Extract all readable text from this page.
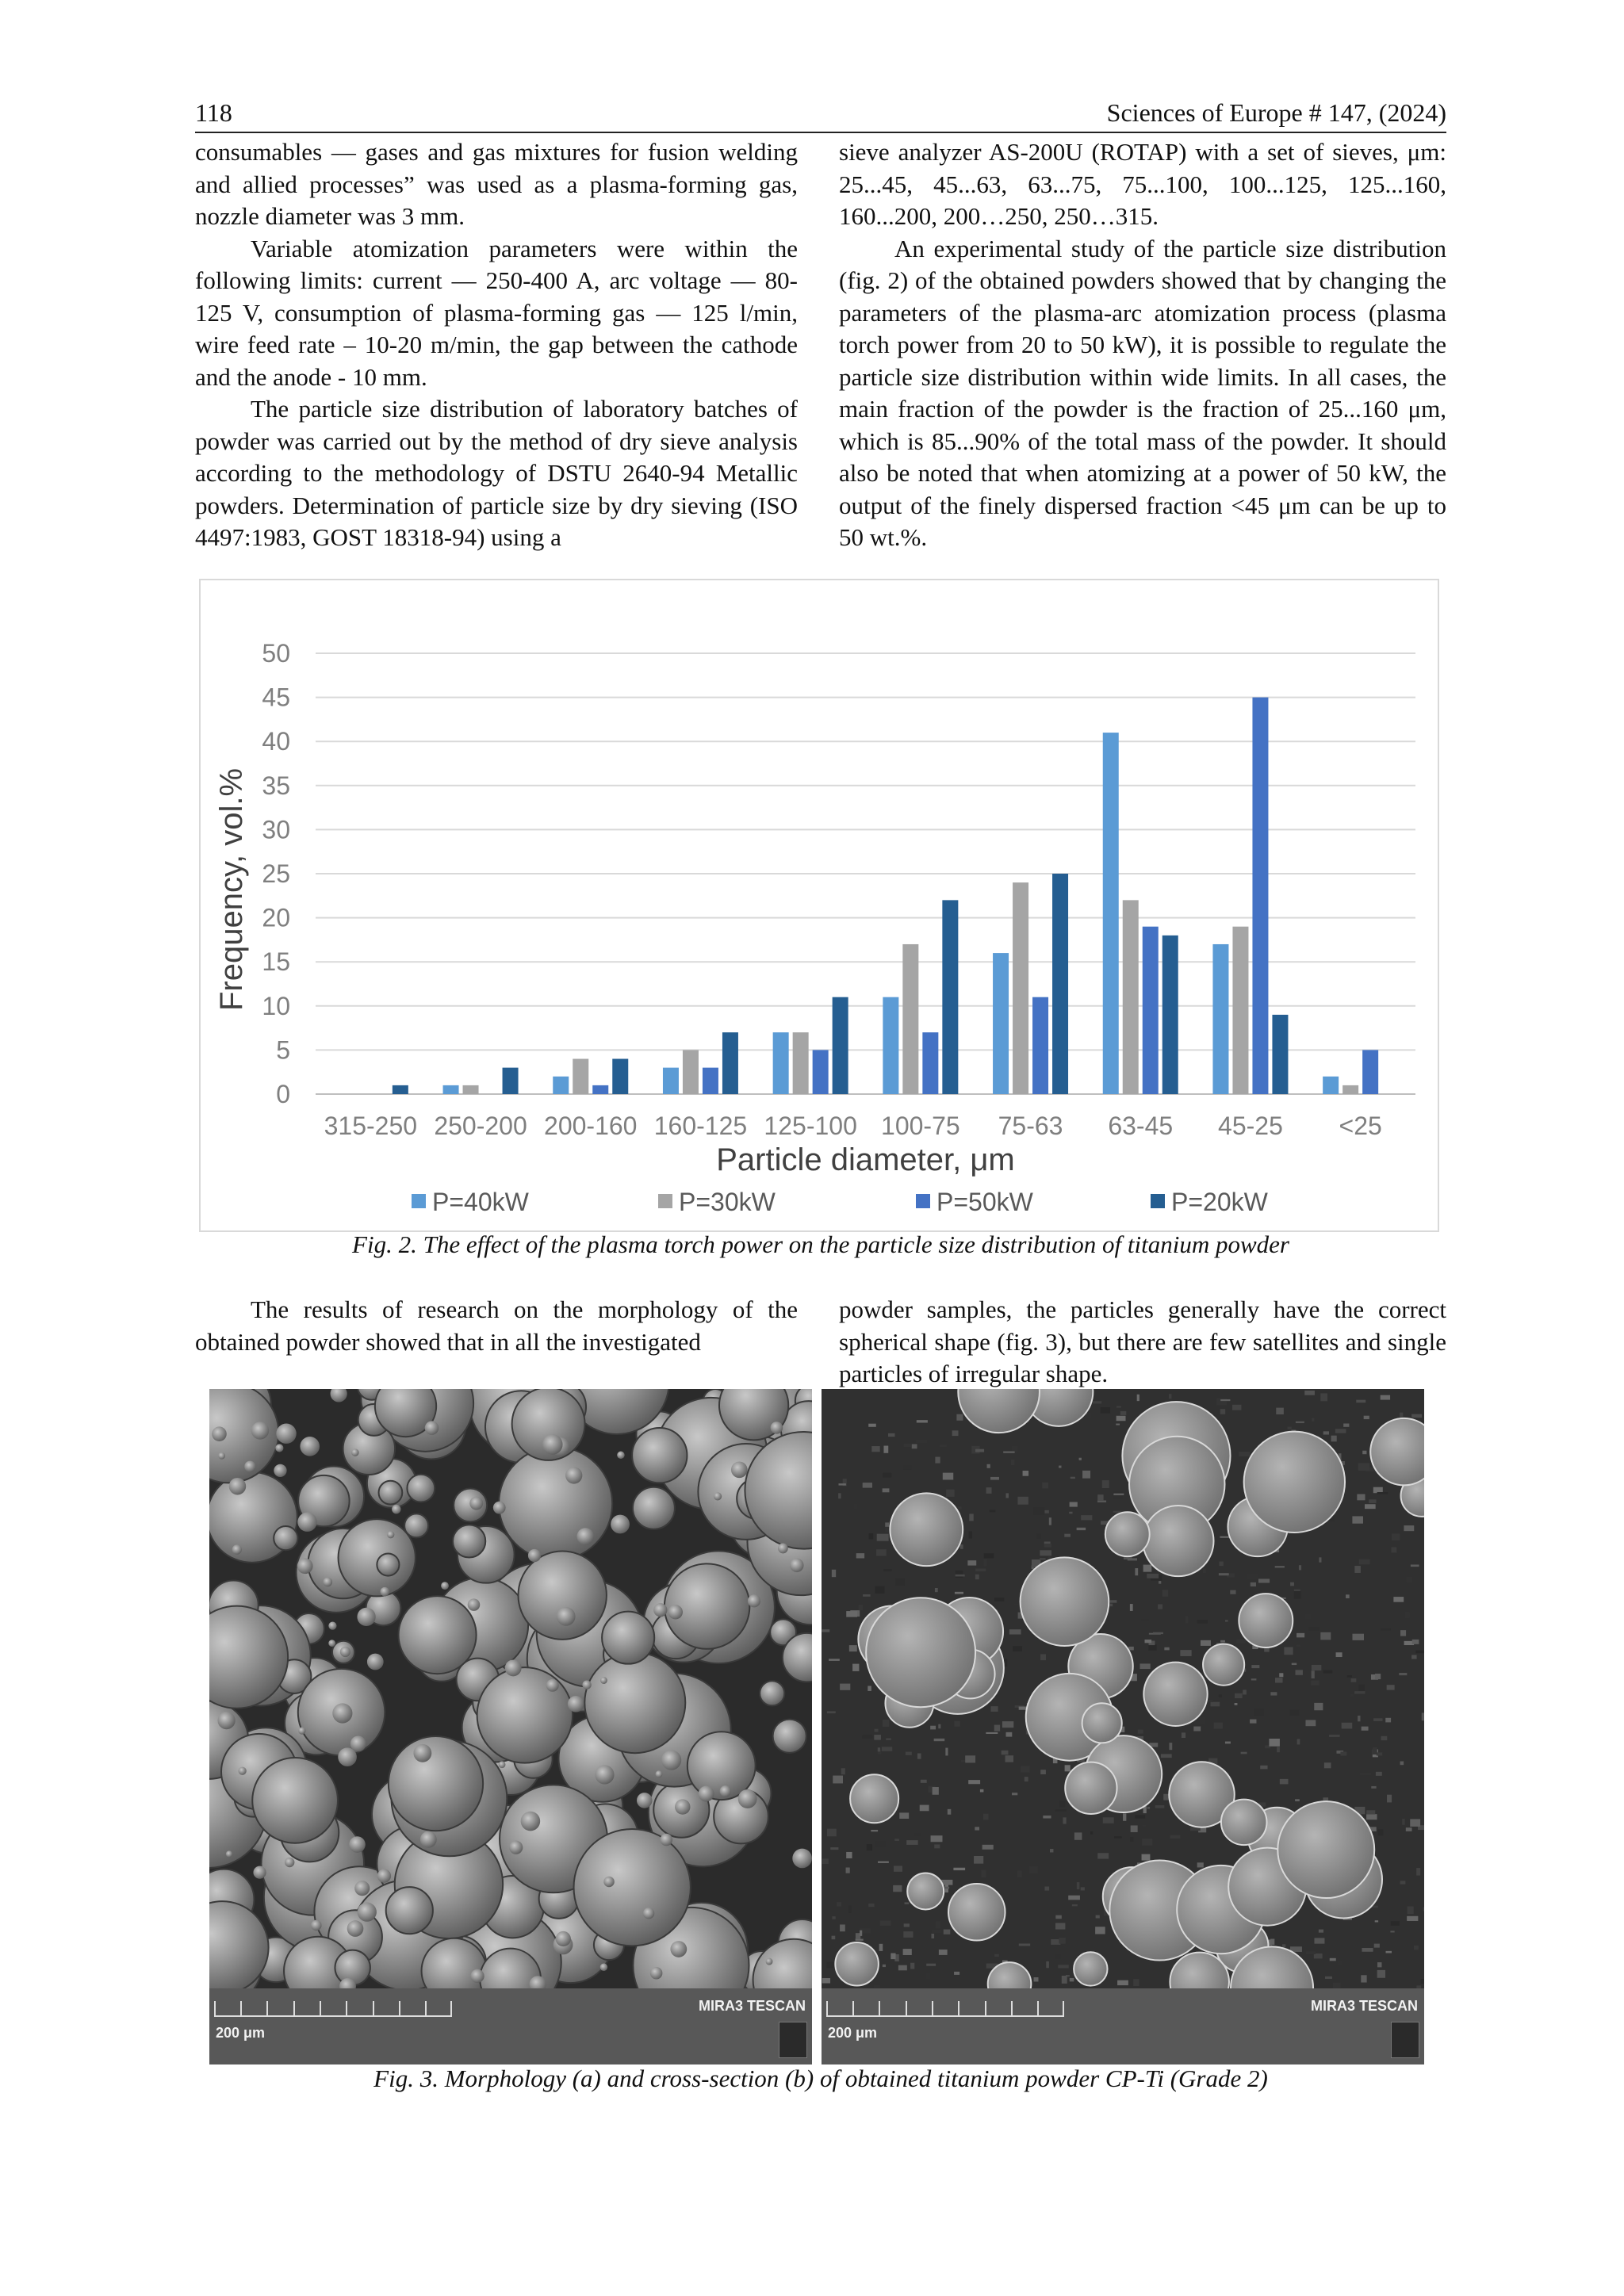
118	Sciences of Europe # 147, (2024)

consumables — gases and gas mixtures for fusion welding and allied processes” was used as a plasma-forming gas, nozzle diameter was 3 mm.

Variable atomization parameters were within the following limits: current — 250-400 A, arc voltage — 80-125 V, consumption of plasma-forming gas — 125 l/min, wire feed rate – 10-20 m/min, the gap between the cathode and the anode - 10 mm.

The particle size distribution of laboratory batches of powder was carried out by the method of dry sieve analysis according to the methodology of DSTU 2640-94 Metallic powders. Determination of particle size by dry sieving (ISO 4497:1983, GOST 18318-94) using a

sieve analyzer AS-200U (ROTAP) with a set of sieves, μm: 25...45, 45...63, 63...75, 75...100, 100...125, 125...160, 160...200, 200…250, 250…315.

An experimental study of the particle size distribution (fig. 2) of the obtained powders showed that by changing the parameters of the plasma-arc atomization process (plasma torch power from 20 to 50 kW), it is possible to regulate the particle size distribution within wide limits. In all cases, the main fraction of the powder is the fraction of 25...160 μm, which is 85...90% of the total mass of the powder. It should also be noted that when atomizing at a power of 50 kW, the output of the finely dispersed fraction <45 μm can be up to 50 wt.%.

0
5
10
15
20
25
30
35
40
45
50
315-250 250-200 200-160 160-125 125-100 100-75 75-63 63-45 45-25 <25
Particle diameter, μm
Frequency, vol.%
P=40kW	P=30kW	P=50kW	P=20kW
Fig. 2. The effect of the plasma torch power on the particle size distribution of titanium powder

The results of research on the morphology of the obtained powder showed that in all the investigated

powder samples, the particles generally have the correct spherical shape (fig. 3), but there are few satellites and single particles of irregular shape.

200 μm
MIRA3 TESCAN
200 μm
MIRA3 TESCAN
Fig. 3. Morphology (a) and cross-section (b) of obtained titanium powder CP-Ti (Grade 2)
